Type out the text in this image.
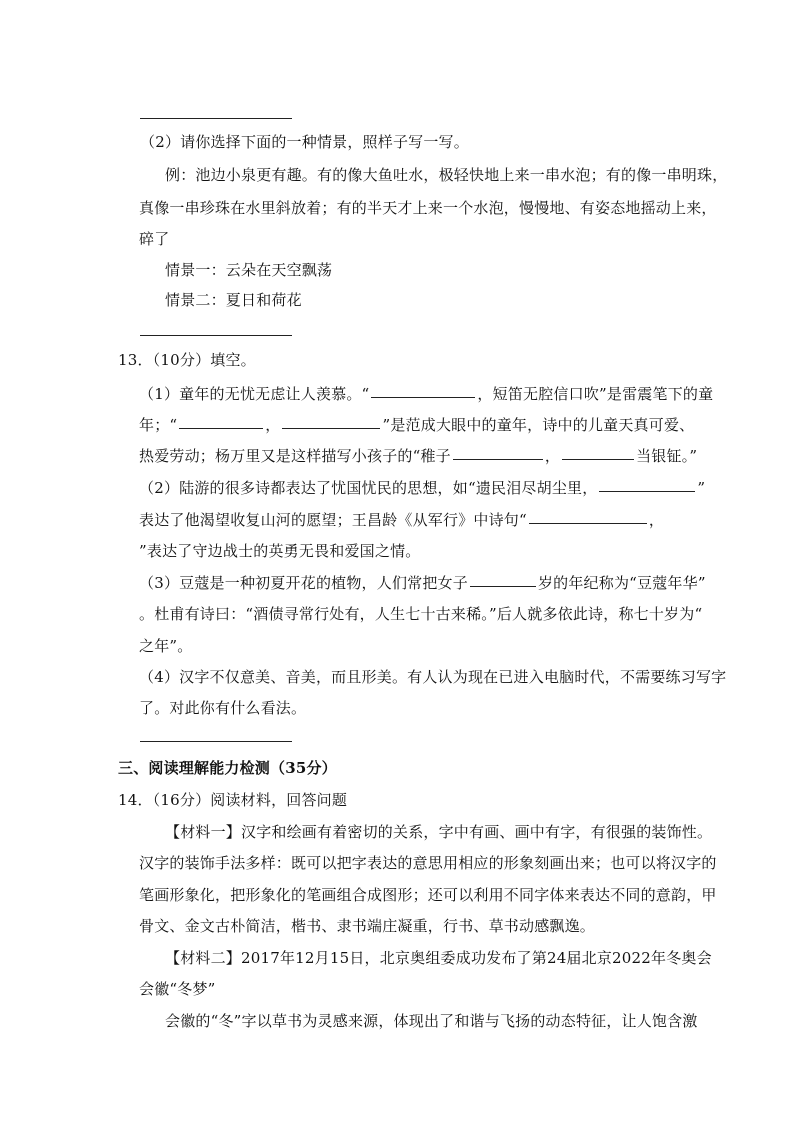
（2）请你选择下面的一种情景，照样子写一写。
例：池边小泉更有趣。有的像大鱼吐水，极轻快地上来一串水泡；有的像一串明珠，
真像一串珍珠在水里斜放着；有的半天才上来一个水泡，慢慢地、有姿态地摇动上来，
碎了
情景一：云朵在天空飘荡
情景二：夏日和荷花
13．（10分）填空。
（1）童年的无忧无虑让人羡慕。“	，短笛无腔信口吹”是雷震笔下的童
年；“	，	”是范成大眼中的童年，诗中的儿童天真可爱、
热爱劳动；杨万里又是这样描写小孩子的“稚子	，	当银钲。”
（2）陆游的很多诗都表达了忧国忧民的思想，如“遗民泪尽胡尘里，	”
表达了他渴望收复山河的愿望；王昌龄《从军行》中诗句“	，
”表达了守边战士的英勇无畏和爱国之情。
（3）豆蔻是一种初夏开花的植物，人们常把女子	岁的年纪称为“豆蔻年华”
。杜甫有诗曰：“酒债寻常行处有，人生七十古来稀。”后人就多依此诗，称七十岁为“
之年”。
（4）汉字不仅意美、音美，而且形美。有人认为现在已进入电脑时代，不需要练习写字
了。对此你有什么看法。
三、阅读理解能力检测（35分）
14．（16分）阅读材料，回答问题
【材料一】汉字和绘画有着密切的关系，字中有画、画中有字，有很强的装饰性。
汉字的装饰手法多样：既可以把字表达的意思用相应的形象刻画出来；也可以将汉字的
笔画形象化，把形象化的笔画组合成图形；还可以利用不同字体来表达不同的意韵，甲
骨文、金文古朴简洁，楷书、隶书端庄凝重，行书、草书动感飘逸。
【材料二】2017年12月15日，北京奥组委成功发布了第24届北京2022年冬奥会
会徽“冬梦”
会徽的“冬”字以草书为灵感来源，体现出了和谐与飞扬的动态特征，让人饱含激
